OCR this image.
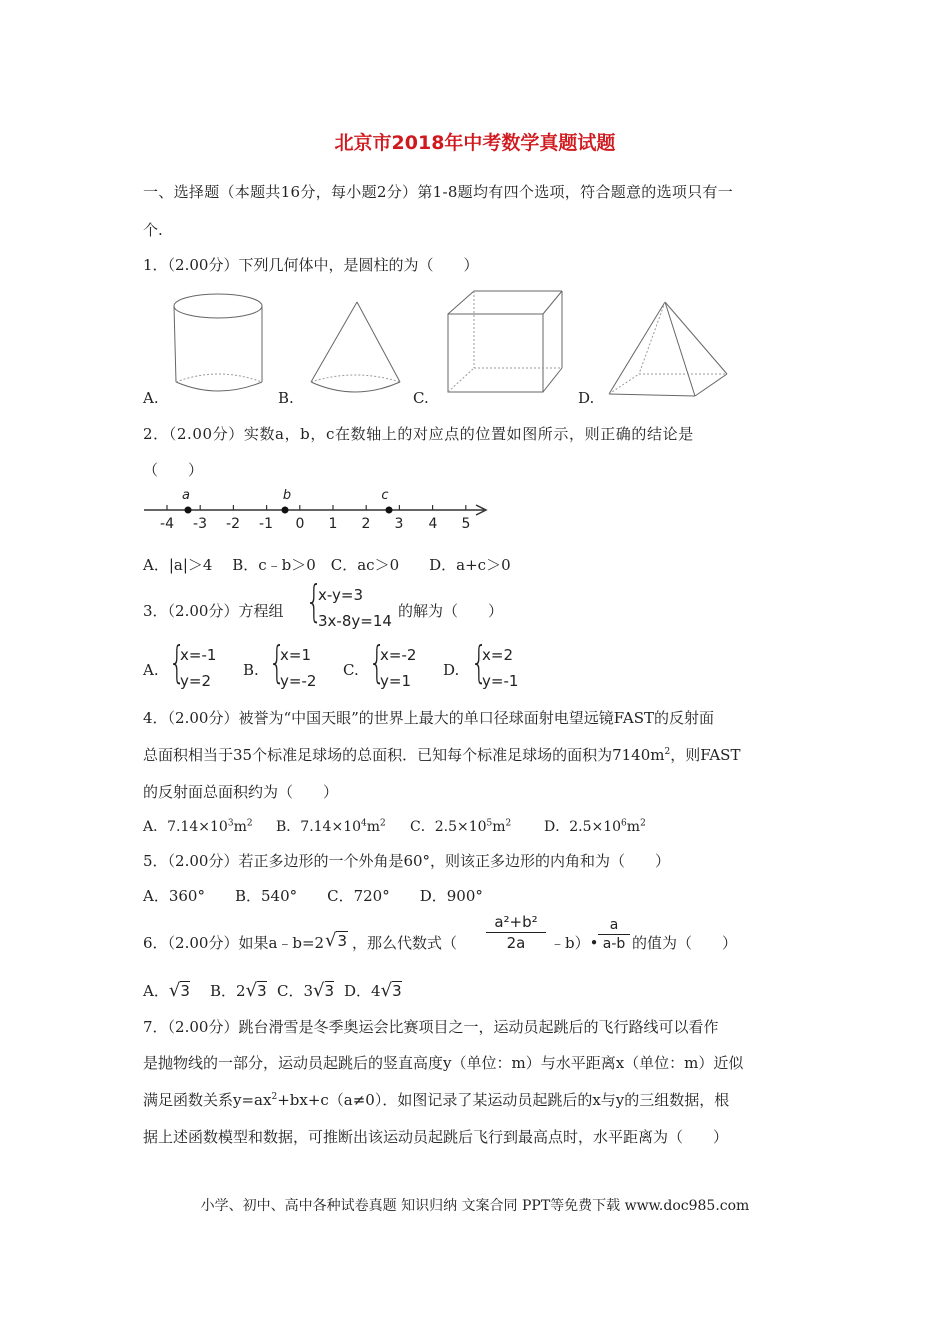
北京市2018年中考数学真题试题
一、选择题（本题共16分，每小题2分）第1-8题均有四个选项，符合题意的选项只有一
个.
1．（2.00分）下列几何体中，是圆柱的为（　　）
A.	B.	C.	D.
2．（2.00分）实数a，b，c在数轴上的对应点的位置如图所示，则正确的结论是
（　　）
-4 -3 -2 -1 0 1 2 3 4 5
a	b	c
A．|a|＞4　 B．c﹣b＞0　C．ac＞0　　D．a+c＞0
3．（2.00分）方程组 {
x-y=3
3x-8y=14
的解为（　　）
A. {
x=-1
y=2
B. {
x=1
y=-2
C. {
x=-2
y=1
D. {
x=2
y=-1
4．（2.00分）被誉为“中国天眼”的世界上最大的单口径球面射电望远镜FAST的反射面
总面积相当于35个标准足球场的总面积．已知每个标准足球场的面积为$7140m^2$，则FAST
的反射面总面积约为（　　）
A．$7.14\times 10^3m^2$ B．$7.14\times 10^4m^2$ C．$2.5\times 10^5m^2$ D．$2.5\times 10^6m^2$
5．（2.00分）若正多边形的一个外角是60°，则该正多边形的内角和为（　　）
A．360°　　B．540°　　C．720°　　D．900°
6．（2.00分）如果a﹣b=2 √3 ，那么代数式（
a²+b²
2a	﹣b）•
a
a-b 的值为（　　）
A．√3 B．2√3 C．3√3 D．4√3
7．（2.00分）跳台滑雪是冬季奥运会比赛项目之一，运动员起跳后的飞行路线可以看作
是抛物线的一部分，运动员起跳后的竖直高度y（单位：m）与水平距离x（单位：m）近似
满足函数关系$y=ax^2+bx+c(a\ne 0)$．如图记录了某运动员起跳后的x与y的三组数据，根
据上述函数模型和数据，可推断出该运动员起跳后飞行到最高点时，水平距离为（　　）
小学、初中、高中各种试卷真题 知识归纳 文案合同 PPT等免费下载 www.doc985.com
